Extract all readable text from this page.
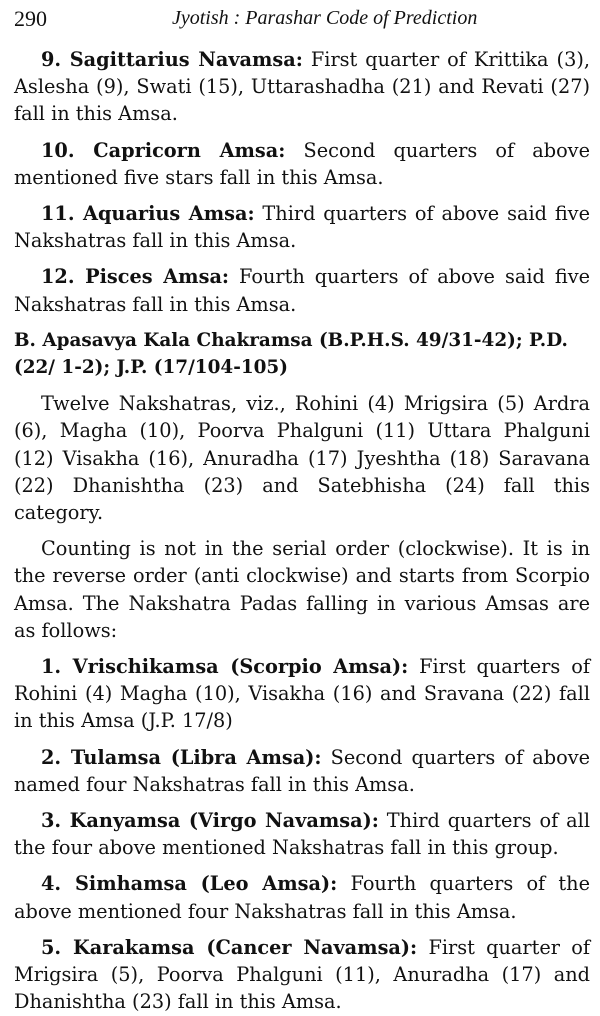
290	Jyotish : Parashar Code of Prediction

9. Sagittarius Navamsa: First quarter of Krittika (3), Aslesha (9), Swati (15), Uttarashadha (21) and Revati (27) fall in this Amsa.

10. Capricorn Amsa: Second quarters of above mentioned five stars fall in this Amsa.

11. Aquarius Amsa: Third quarters of above said five Nakshatras fall in this Amsa.

12. Pisces Amsa: Fourth quarters of above said five Nakshatras fall in this Amsa.

B. Apasavya Kala Chakramsa (B.P.H.S. 49/31-42); P.D. (22/ 1-2); J.P. (17/104-105)

Twelve Nakshatras, viz., Rohini (4) Mrigsira (5) Ardra (6), Magha (10), Poorva Phalguni (11) Uttara Phalguni (12) Visakha (16), Anuradha (17) Jyeshtha (18) Saravana (22) Dhanishtha (23) and Satebhisha (24) fall this category.

Counting is not in the serial order (clockwise). It is in the reverse order (anti clockwise) and starts from Scorpio Amsa. The Nakshatra Padas falling in various Amsas are as follows:

1. Vrischikamsa (Scorpio Amsa): First quarters of Rohini (4) Magha (10), Visakha (16) and Sravana (22) fall in this Amsa (J.P. 17/8)

2. Tulamsa (Libra Amsa): Second quarters of above named four Nakshatras fall in this Amsa.

3. Kanyamsa (Virgo Navamsa): Third quarters of all the four above mentioned Nakshatras fall in this group.

4. Simhamsa (Leo Amsa): Fourth quarters of the above mentioned four Nakshatras fall in this Amsa.

5. Karakamsa (Cancer Navamsa): First quarter of Mrigsira (5), Poorva Phalguni (11), Anuradha (17) and Dhanishtha (23) fall in this Amsa.
